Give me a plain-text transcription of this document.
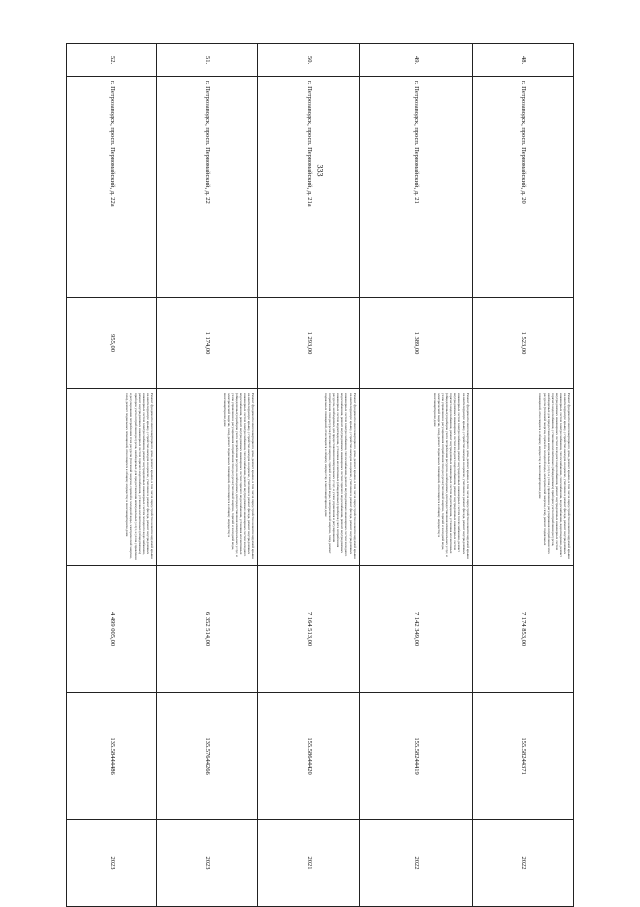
333
48.	г. Петрозаводск, просп. Первомайский, д. 20	1 523,00	Ремонт фундамента многоквартирного дома, ремонт крыши, в том числе переустройство невентилируемой крыши на вентилируемую крышу, устройство выходов на кровлю, утепление и ремонт фасада, ремонт внутридомовых инженерных систем электроснабжения, теплоснабжения, газоснабжения, водоснабжения, водоотведения, ремонт внутридомовых инженерных систем холодного водоснабжения, ремонт внутридомовых инженерных систем горячего водоснабжения, установка коллективных (общедомовых) приборов учета потребления ресурсов, необходимых для предоставления коммунальных услуг, и узлов управления и регулирования потребления этих ресурсов (тепловой энергии, горячей и холодной воды, электрической энергии, газа), ремонт подвальных помещений, относящихся к общему имуществу в многоквартирном доме	7 174 853,00	155.58244371	2022
49.	г. Петрозаводск, просп. Первомайский, д. 21	1 389,00	Ремонт фундамента многоквартирного дома, ремонт крыши, в том числе переустройство невентилируемой крыши на вентилируемую крышу, устройство выходов на кровлю, утепление и ремонт фасада, ремонт внутридомовых инженерных систем электроснабжения, ремонт внутридомовых инженерных систем теплоснабжения, ремонт внутридомовых инженерных систем холодного водоснабжения, ремонт внутридомовых инженерных систем горячего водоснабжения, ремонт внутридомовых инженерных систем водоотведения, установка коллективных (общедомовых) приборов учета потребления ресурсов, необходимых для предоставления коммунальных услуг, и узлов управления и регулирования потребления этих ресурсов (тепловой энергии, горячей и холодной воды, электрической энергии, газа), ремонт подвальных помещений, относящихся к общему имуществу в многоквартирном доме	7 142 349,00	155.58244419	2022
50.	г. Петрозаводск, просп. Первомайский, д. 21а	1 293,00	Ремонт фундамента многоквартирного дома, ремонт крыши, в том числе переустройство невентилируемой крыши на вентилируемую крышу, устройство выходов на кровлю, утепление и ремонт фасада, ремонт внутридомовых инженерных систем электроснабжения, теплоснабжения, ремонт внутридомовых инженерных систем холодного водоснабжения, ремонт внутридомовых инженерных систем горячего водоснабжения, ремонт внутридомовых инженерных систем водоотведения, установка коллективных (общедомовых) приборов учета потребления ресурсов, необходимых для предоставления коммунальных услуг, и узлов управления и регулирования потребления этих ресурсов (тепловой энергии, горячей и холодной воды, электрической энергии, газа), ремонт подвальных помещений, относящихся к общему имуществу в многоквартирном доме	7 164 513,00	155.58644420	2021
51.	г. Петрозаводск, просп. Первомайский, д. 22	1 174,00	Ремонт фундамента многоквартирного дома, ремонт крыши, в том числе переустройство невентилируемой крыши на вентилируемую крышу, устройство выходов на кровлю, утепление и ремонт фасада, ремонт внутридомовых инженерных систем электроснабжения, теплоснабжения, ремонт внутридомовых инженерных систем холодного водоснабжения, ремонт внутридомовых инженерных систем горячего водоснабжения, установка коллективных (общедомовых) приборов учета потребления ресурсов, необходимых для предоставления коммунальных услуг, и узлов управления и регулирования потребления этих ресурсов (тепловой энергии, горячей и холодной воды, электрической энергии, газа), ремонт подвальных помещений, относящихся к общему имуществу в многоквартирном доме	6 352 514,00	135.57644266	2023
52.	г. Петрозаводск, просп. Первомайский, д. 22а	955,00	Ремонт фундамента многоквартирного дома, ремонт крыши, в том числе переустройство невентилируемой крыши на вентилируемую крышу, устройство выходов на кровлю, утепление и ремонт фасада, ремонт внутридомовых инженерных систем электроснабжения, ремонт внутридомовых инженерных систем холодного водоснабжения, ремонт внутридомовых инженерных систем горячего водоснабжения, установка коллективных (общедомовых) приборов учета потребления ресурсов, необходимых для предоставления коммунальных услуг, и узлов управления и регулирования потребления этих ресурсов (тепловой энергии, горячей и холодной воды, электрической энергии, газа), ремонт подвальных помещений, относящихся к общему имуществу в многоквартирном доме	4 499 005,00	135.58444486	2023
